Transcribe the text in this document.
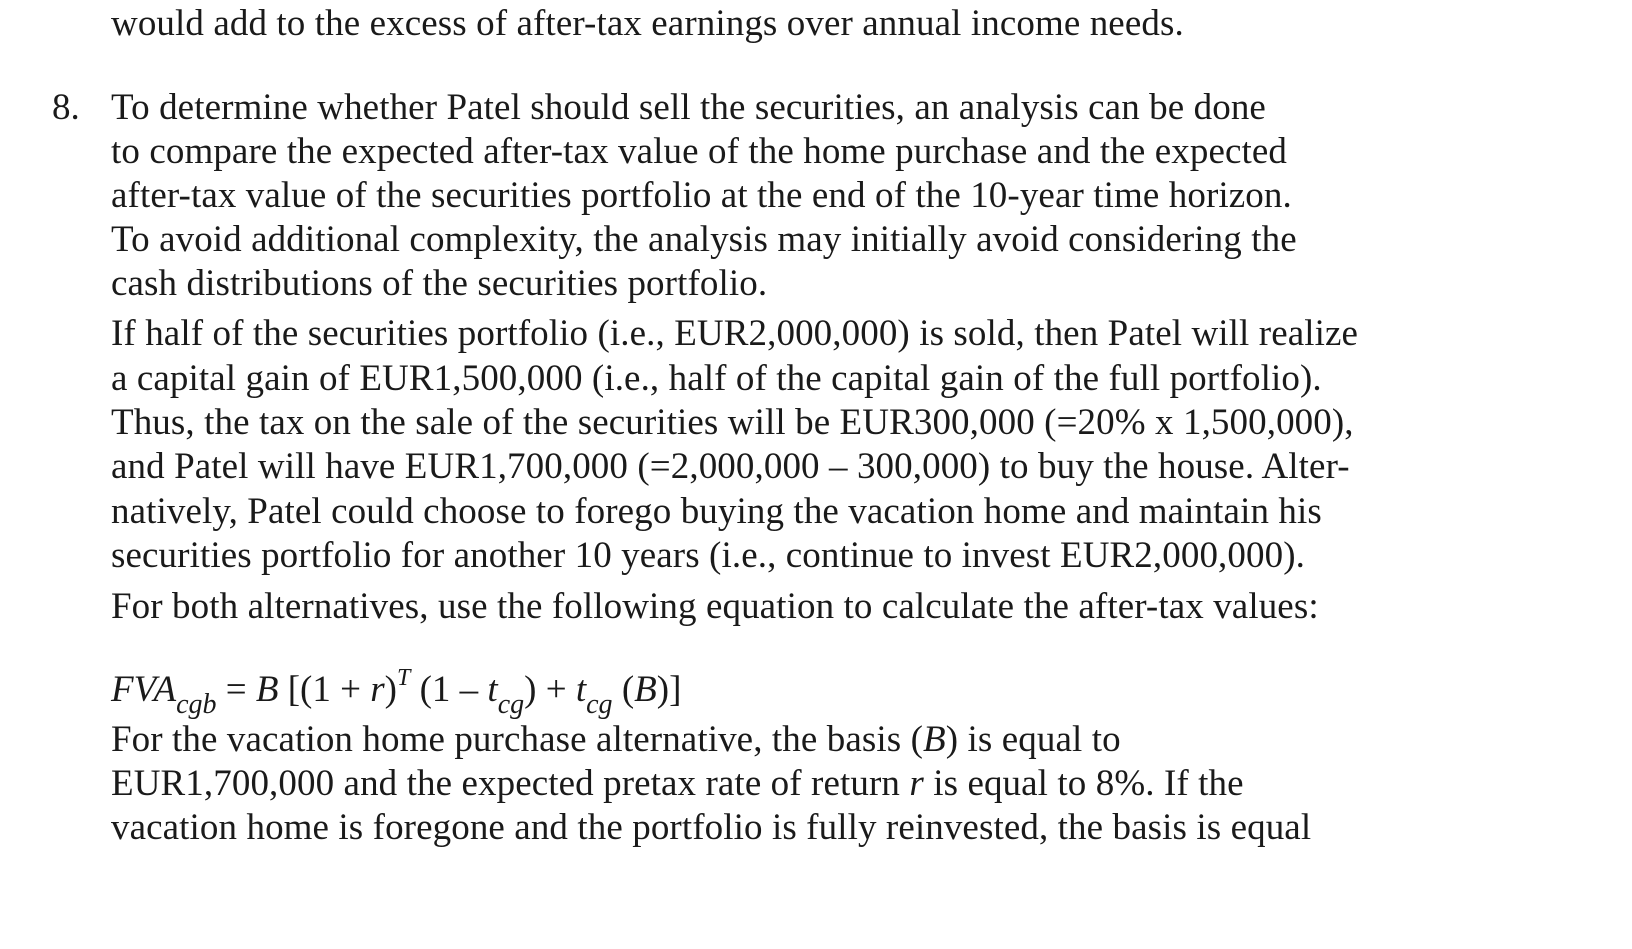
would add to the excess of after-tax earnings over annual income needs.
8. To determine whether Patel should sell the securities, an analysis can be done
to compare the expected after-tax value of the home purchase and the expected
after-tax value of the securities portfolio at the end of the 10-year time horizon.
To avoid additional complexity, the analysis may initially avoid considering the
cash distributions of the securities portfolio.
If half of the securities portfolio (i.e., EUR2,000,000) is sold, then Patel will realize
a capital gain of EUR1,500,000 (i.e., half of the capital gain of the full portfolio).
Thus, the tax on the sale of the securities will be EUR300,000 (=20% x 1,500,000),
and Patel will have EUR1,700,000 (=2,000,000 – 300,000) to buy the house. Alter-
natively, Patel could choose to forego buying the vacation home and maintain his
securities portfolio for another 10 years (i.e., continue to invest EUR2,000,000).
For both alternatives, use the following equation to calculate the after-tax values:
$FVA_{cgb} = B$ [$(1 + r)^T$ $(1 - t_{cg}) + t_{cg}$ (B)]
For the vacation home purchase alternative, the basis (B) is equal to
EUR1,700,000 and the expected pretax rate of return r is equal to 8%. If the
vacation home is foregone and the portfolio is fully reinvested, the basis is equal
